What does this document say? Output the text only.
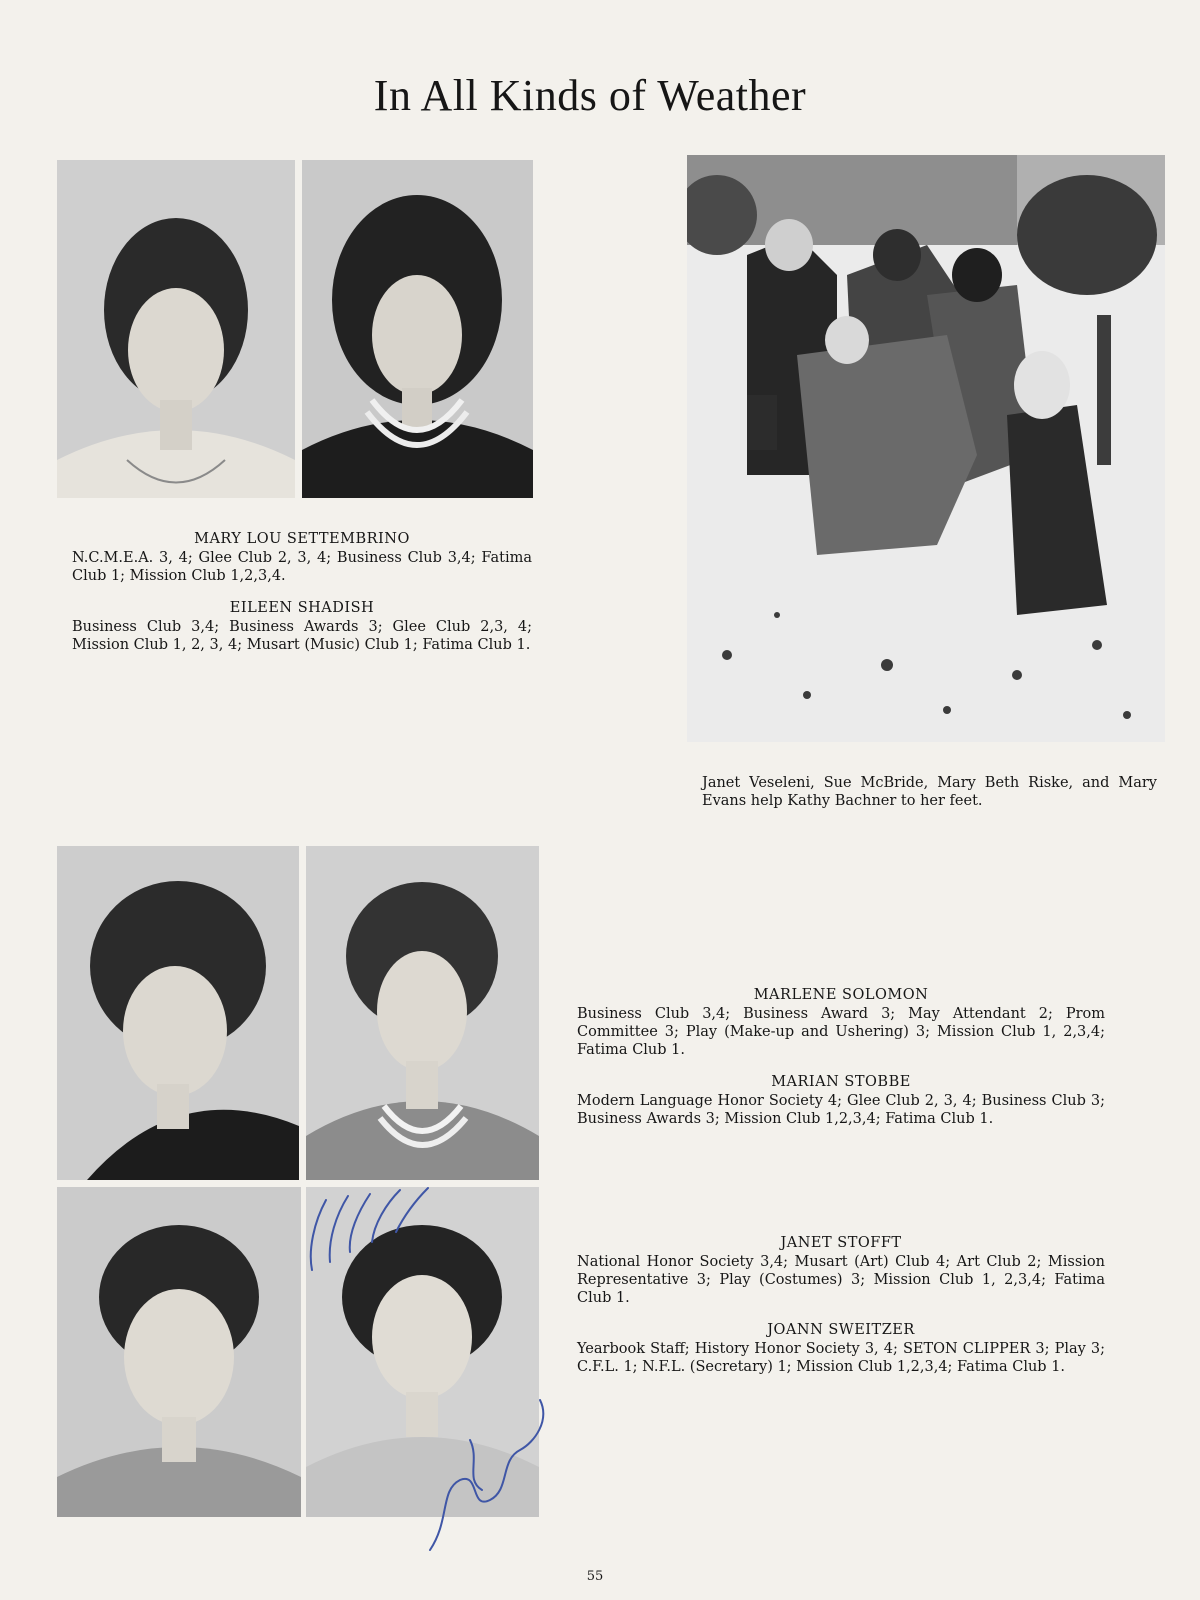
In All Kinds of Weather
Janet Veseleni, Sue McBride, Mary Beth Riske, and Mary Evans help Kathy Bachner to her feet.
MARY LOU SETTEMBRINO
N.C.M.E.A. 3, 4; Glee Club 2, 3, 4; Business Club 3,4; Fatima Club 1; Mission Club 1,2,3,4.
EILEEN SHADISH
Business Club 3,4; Business Awards 3; Glee Club 2,3, 4; Mission Club 1, 2, 3, 4; Musart (Music) Club 1; Fatima Club 1.
MARLENE SOLOMON
Business Club 3,4; Business Award 3; May Attendant 2; Prom Committee 3; Play (Make-up and Ushering) 3; Mission Club 1, 2,3,4; Fatima Club 1.
MARIAN STOBBE
Modern Language Honor Society 4; Glee Club 2, 3, 4; Business Club 3; Business Awards 3; Mission Club 1,2,3,4; Fatima Club 1.
JANET STOFFT
National Honor Society 3,4; Musart (Art) Club 4; Art Club 2; Mission Representative 3; Play (Costumes) 3; Mission Club 1, 2,3,4; Fatima Club 1.
JOANN SWEITZER
Yearbook Staff; History Honor Society 3, 4; SETON CLIPPER 3; Play 3; C.F.L. 1; N.F.L. (Secretary) 1; Mission Club 1,2,3,4; Fatima Club 1.
55
